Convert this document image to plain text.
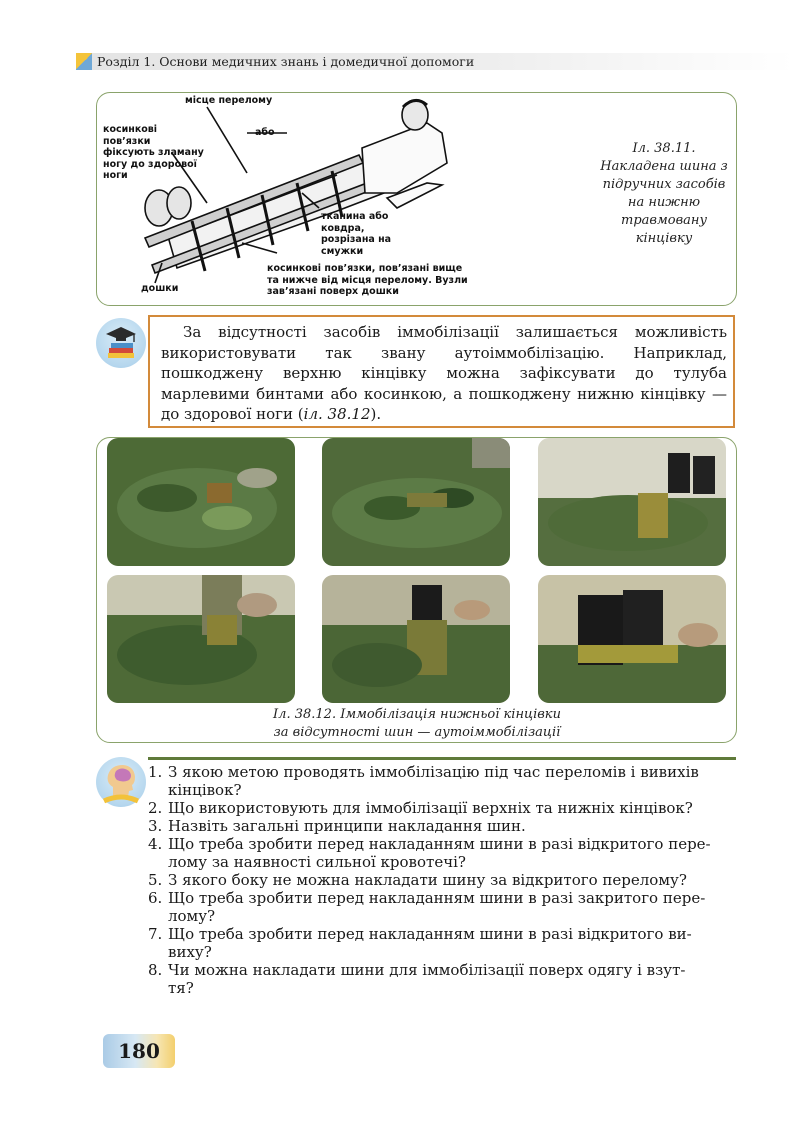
Розділ 1. Основи медичних знань і домедичної допомоги
місце перелому
або
косинкові
пов’язки
фіксують зламану
ногу до здорової
ноги
тканина або
ковдра,
розрізана на
смужки
косинкові пов’язки, пов’язані вище
та нижче від місця перелому. Вузли
зав’язані поверх дошки
дошки
Іл. 38.11. Накладена шина з підручних засобів на нижню травмовану кінцівку
За відсутності засобів іммобілізації залишається можливість використовувати так звану аутоіммобілізацію. Наприклад, пошкоджену верхню кінцівку можна зафіксувати до тулуба марлевими бинтами або косинкою, а пошкоджену нижню кінцівку — до здорової ноги (іл. 38.12).
Іл. 38.12. Іммобілізація нижньої кінцівки
за відсутності шин — аутоіммобілізації
1. З якою метою проводять іммобілізацію під час переломів і вивихів
кінцівок?
2. Що використовують для іммобілізації верхніх та нижніх кінцівок?
3. Назвіть загальні принципи накладання шин.
4. Що треба зробити перед накладанням шини в разі відкритого пере-
лому за наявності сильної кровотечі?
5. З якого боку не можна накладати шину за відкритого перелому?
6. Що треба зробити перед накладанням шини в разі закритого пере-
лому?
7. Що треба зробити перед накладанням шини в разі відкритого ви-
виху?
8. Чи можна накладати шини для іммобілізації поверх одягу і взут-
тя?
180
